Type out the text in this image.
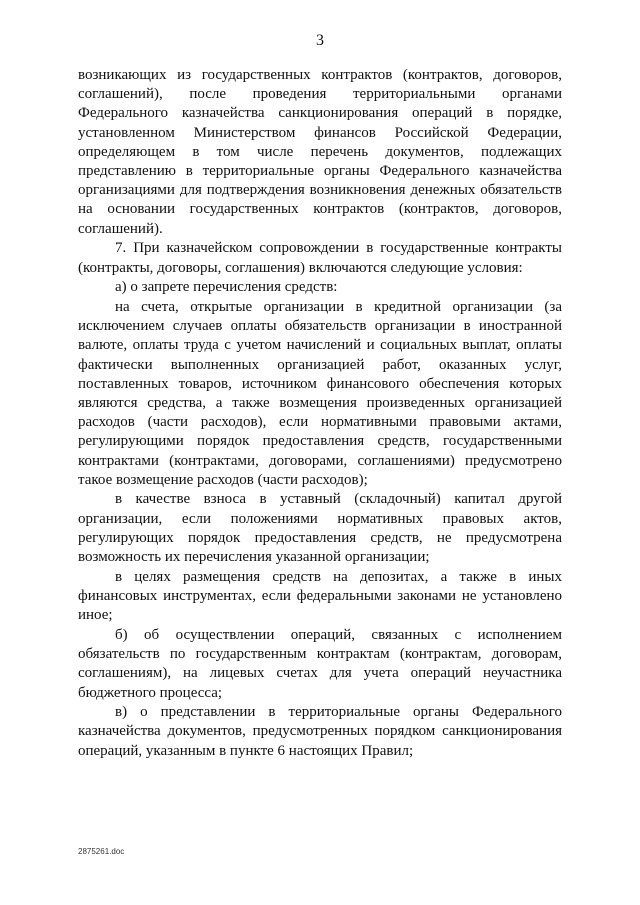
3

возникающих из государственных контрактов (контрактов, договоров, соглашений), после проведения территориальными органами Федерального казначейства санкционирования операций в порядке, установленном Министерством финансов Российской Федерации, определяющем в том числе перечень документов, подлежащих представлению в территориальные органы Федерального казначейства организациями для подтверждения возникновения денежных обязательств на основании государственных контрактов (контрактов, договоров, соглашений).

7. При казначейском сопровождении в государственные контракты (контракты, договоры, соглашения) включаются следующие условия:

а) о запрете перечисления средств:

на счета, открытые организации в кредитной организации (за исключением случаев оплаты обязательств организации в иностранной валюте, оплаты труда с учетом начислений и социальных выплат, оплаты фактически выполненных организацией работ, оказанных услуг, поставленных товаров, источником финансового обеспечения которых являются средства, а также возмещения произведенных организацией расходов (части расходов), если нормативными правовыми актами, регулирующими порядок предоставления средств, государственными контрактами (контрактами, договорами, соглашениями) предусмотрено такое возмещение расходов (части расходов);

в качестве взноса в уставный (складочный) капитал другой организации, если положениями нормативных правовых актов, регулирующих порядок предоставления средств, не предусмотрена возможность их перечисления указанной организации;

в целях размещения средств на депозитах, а также в иных финансовых инструментах, если федеральными законами не установлено иное;

б) об осуществлении операций, связанных с исполнением обязательств по государственным контрактам (контрактам, договорам, соглашениям), на лицевых счетах для учета операций неучастника бюджетного процесса;

в) о представлении в территориальные органы Федерального казначейства документов, предусмотренных порядком санкционирования операций, указанным в пункте 6 настоящих Правил;

2875261.doc
